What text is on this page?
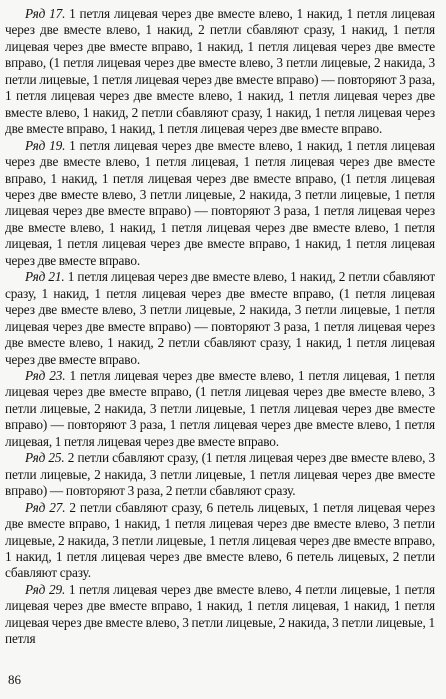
Ряд 17. 1 петля лицевая через две вместе влево, 1 накид, 1 петля лицевая через две вместе влево, 1 накид, 2 петли сбавляют сразу, 1 накид, 1 петля лицевая через две вместе вправо, 1 накид, 1 петля лицевая через две вместе вправо, (1 петля лицевая через две вместе влево, 3 петли лицевые, 2 накида, 3 петли лицевые, 1 петля лицевая через две вместе вправо) — повторяют 3 раза, 1 петля лицевая через две вместе влево, 1 накид, 1 петля лицевая через две вместе влево, 1 накид, 2 петли сбавляют сразу, 1 накид, 1 петля лицевая через две вместе вправо, 1 накид, 1 петля лицевая через две вместе вправо.

Ряд 19. 1 петля лицевая через две вместе влево, 1 накид, 1 петля лицевая через две вместе влево, 1 петля лицевая, 1 петля лицевая через две вместе вправо, 1 накид, 1 петля лицевая через две вместе вправо, (1 петля лицевая через две вместе влево, 3 петли лицевые, 2 накида, 3 петли лицевые, 1 петля лицевая через две вместе вправо) — повторяют 3 раза, 1 петля лицевая через две вместе влево, 1 накид, 1 петля лицевая через две вместе влево, 1 петля лицевая, 1 петля лицевая через две вместе вправо, 1 накид, 1 петля лицевая через две вместе вправо.

Ряд 21. 1 петля лицевая через две вместе влево, 1 накид, 2 петли сбавляют сразу, 1 накид, 1 петля лицевая через две вместе вправо, (1 петля лицевая через две вместе влево, 3 петли лицевые, 2 накида, 3 петли лицевые, 1 петля лицевая через две вместе вправо) — повторяют 3 раза, 1 петля лицевая через две вместе влево, 1 накид, 2 петли сбавляют сразу, 1 накид, 1 петля лицевая через две вместе вправо.

Ряд 23. 1 петля лицевая через две вместе влево, 1 петля лицевая, 1 петля лицевая через две вместе вправо, (1 петля лицевая через две вместе влево, 3 петли лицевые, 2 накида, 3 петли лицевые, 1 петля лицевая через две вместе вправо) — повторяют 3 раза, 1 петля лицевая через две вместе влево, 1 петля лицевая, 1 петля лицевая через две вместе вправо.

Ряд 25. 2 петли сбавляют сразу, (1 петля лицевая через две вместе влево, 3 петли лицевые, 2 накида, 3 петли лицевые, 1 петля лицевая через две вместе вправо) — повторяют 3 раза, 2 петли сбавляют сразу.

Ряд 27. 2 петли сбавляют сразу, 6 петель лицевых, 1 петля лицевая через две вместе вправо, 1 накид, 1 петля лицевая через две вместе влево, 3 петли лицевые, 2 накида, 3 петли лицевые, 1 петля лицевая через две вместе вправо, 1 накид, 1 петля лицевая через две вместе влево, 6 петель лицевых, 2 петли сбавляют сразу.

Ряд 29. 1 петля лицевая через две вместе влево, 4 петли лицевые, 1 петля лицевая через две вместе вправо, 1 накид, 1 петля лицевая, 1 накид, 1 петля лицевая через две вместе влево, 3 петли лицевые, 2 накида, 3 петли лицевые, 1 петля

86
